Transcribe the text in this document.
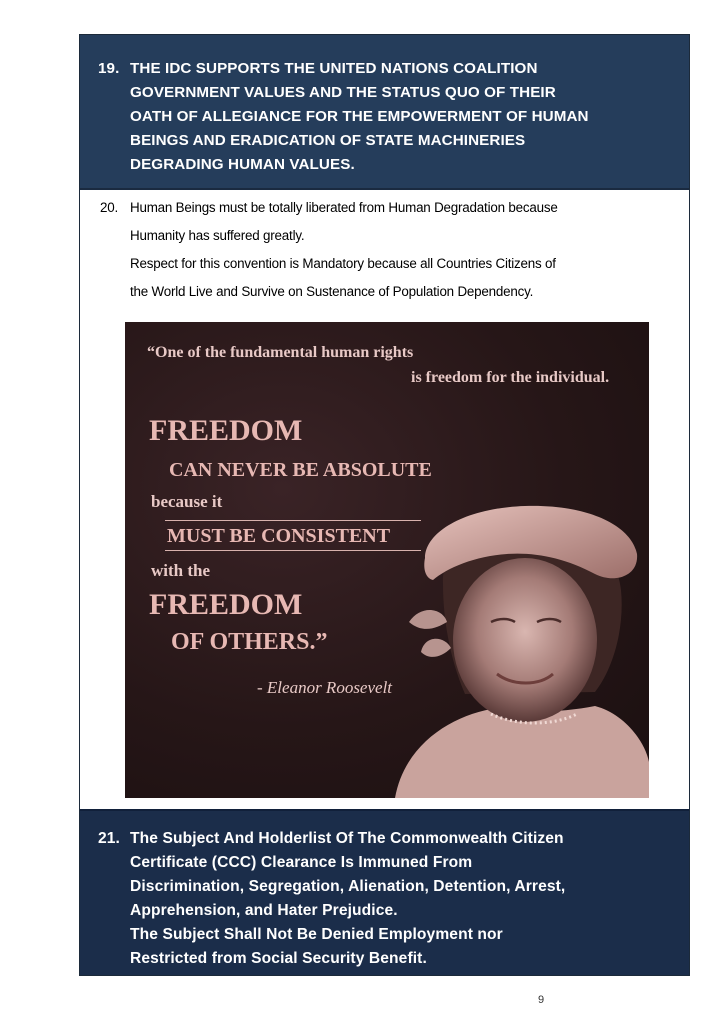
19. THE IDC SUPPORTS THE UNITED NATIONS COALITION
GOVERNMENT VALUES AND THE STATUS QUO OF THEIR
OATH OF ALLEGIANCE FOR THE EMPOWERMENT OF HUMAN
BEINGS AND ERADICATION OF STATE MACHINERIES
DEGRADING HUMAN VALUES.
20. Human Beings must be totally liberated from Human Degradation because
Humanity has suffered greatly.
Respect for this convention is Mandatory because all Countries Citizens of
the World Live and Survive on Sustenance of Population Dependency.
“One of the fundamental human rights
is freedom for the individual.
FREEDOM
CAN NEVER BE ABSOLUTE
because it
MUST BE CONSISTENT
with the
FREEDOM
OF OTHERS.”
- Eleanor Roosevelt
21. The Subject And Holderlist Of The Commonwealth Citizen
Certificate (CCC) Clearance Is Immuned From
Discrimination, Segregation, Alienation, Detention, Arrest,
Apprehension, and Hater Prejudice.
The Subject Shall Not Be Denied Employment nor
Restricted from Social Security Benefit.
9
